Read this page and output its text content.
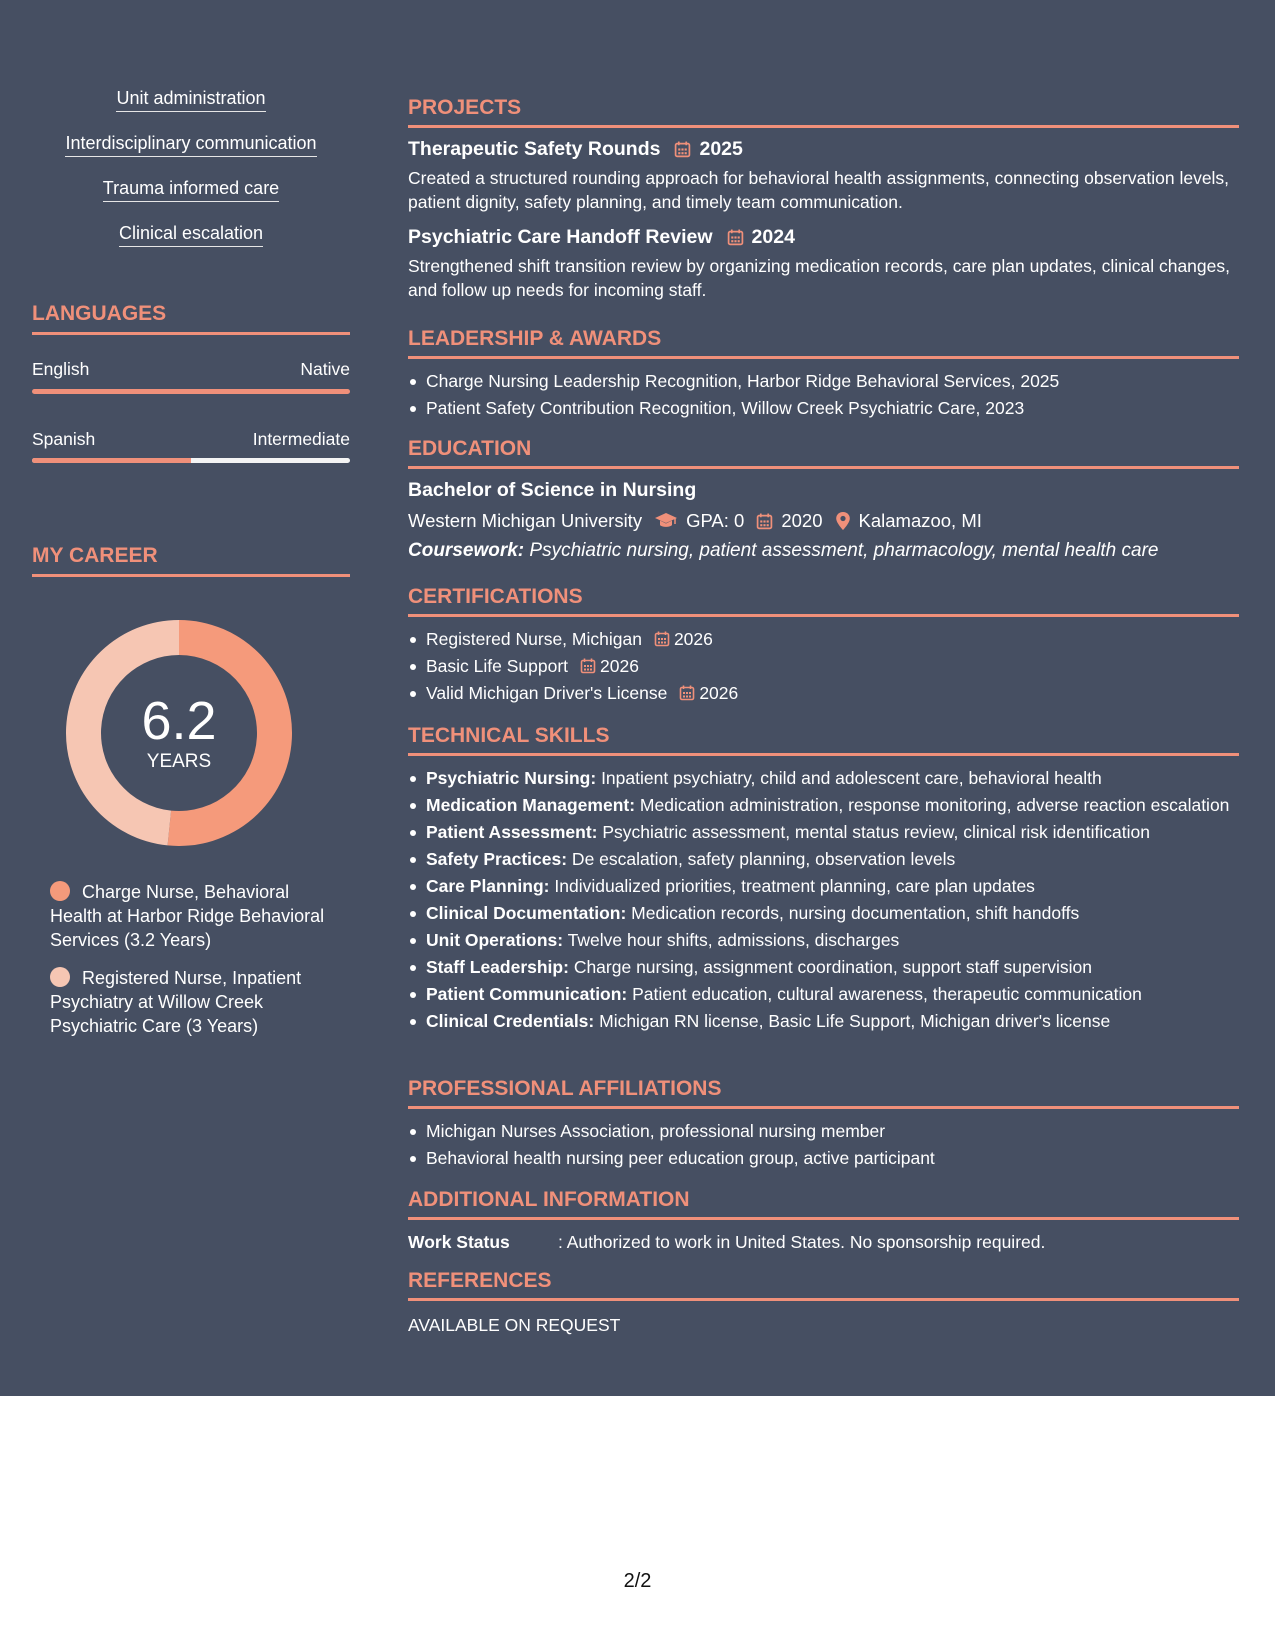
Unit administration
Interdisciplinary communication
Trauma informed care
Clinical escalation
LANGUAGES
English	Native
Spanish	Intermediate
MY CAREER
6.2
YEARS
Charge Nurse, Behavioral Health at Harbor Ridge Behavioral Services (3.2 Years)
Registered Nurse, Inpatient Psychiatry at Willow Creek Psychiatric Care (3 Years)
PROJECTS
Therapeutic Safety Rounds 2025
Created a structured rounding approach for behavioral health assignments, connecting observation levels, patient dignity, safety planning, and timely team communication.
Psychiatric Care Handoff Review 2024
Strengthened shift transition review by organizing medication records, care plan updates, clinical changes, and follow up needs for incoming staff.
LEADERSHIP & AWARDS
Charge Nursing Leadership Recognition, Harbor Ridge Behavioral Services, 2025
Patient Safety Contribution Recognition, Willow Creek Psychiatric Care, 2023
EDUCATION
Bachelor of Science in Nursing
Western Michigan University GPA: 0 2020 Kalamazoo, MI
Coursework: Psychiatric nursing, patient assessment, pharmacology, mental health care
CERTIFICATIONS
Registered Nurse, Michigan 2026
Basic Life Support 2026
Valid Michigan Driver's License 2026
TECHNICAL SKILLS
Psychiatric Nursing: Inpatient psychiatry, child and adolescent care, behavioral health
Medication Management: Medication administration, response monitoring, adverse reaction escalation
Patient Assessment: Psychiatric assessment, mental status review, clinical risk identification
Safety Practices: De escalation, safety planning, observation levels
Care Planning: Individualized priorities, treatment planning, care plan updates
Clinical Documentation: Medication records, nursing documentation, shift handoffs
Unit Operations: Twelve hour shifts, admissions, discharges
Staff Leadership: Charge nursing, assignment coordination, support staff supervision
Patient Communication: Patient education, cultural awareness, therapeutic communication
Clinical Credentials: Michigan RN license, Basic Life Support, Michigan driver's license
PROFESSIONAL AFFILIATIONS
Michigan Nurses Association, professional nursing member
Behavioral health nursing peer education group, active participant
ADDITIONAL INFORMATION
Work Status	: Authorized to work in United States. No sponsorship required.
REFERENCES
AVAILABLE ON REQUEST
2/2
